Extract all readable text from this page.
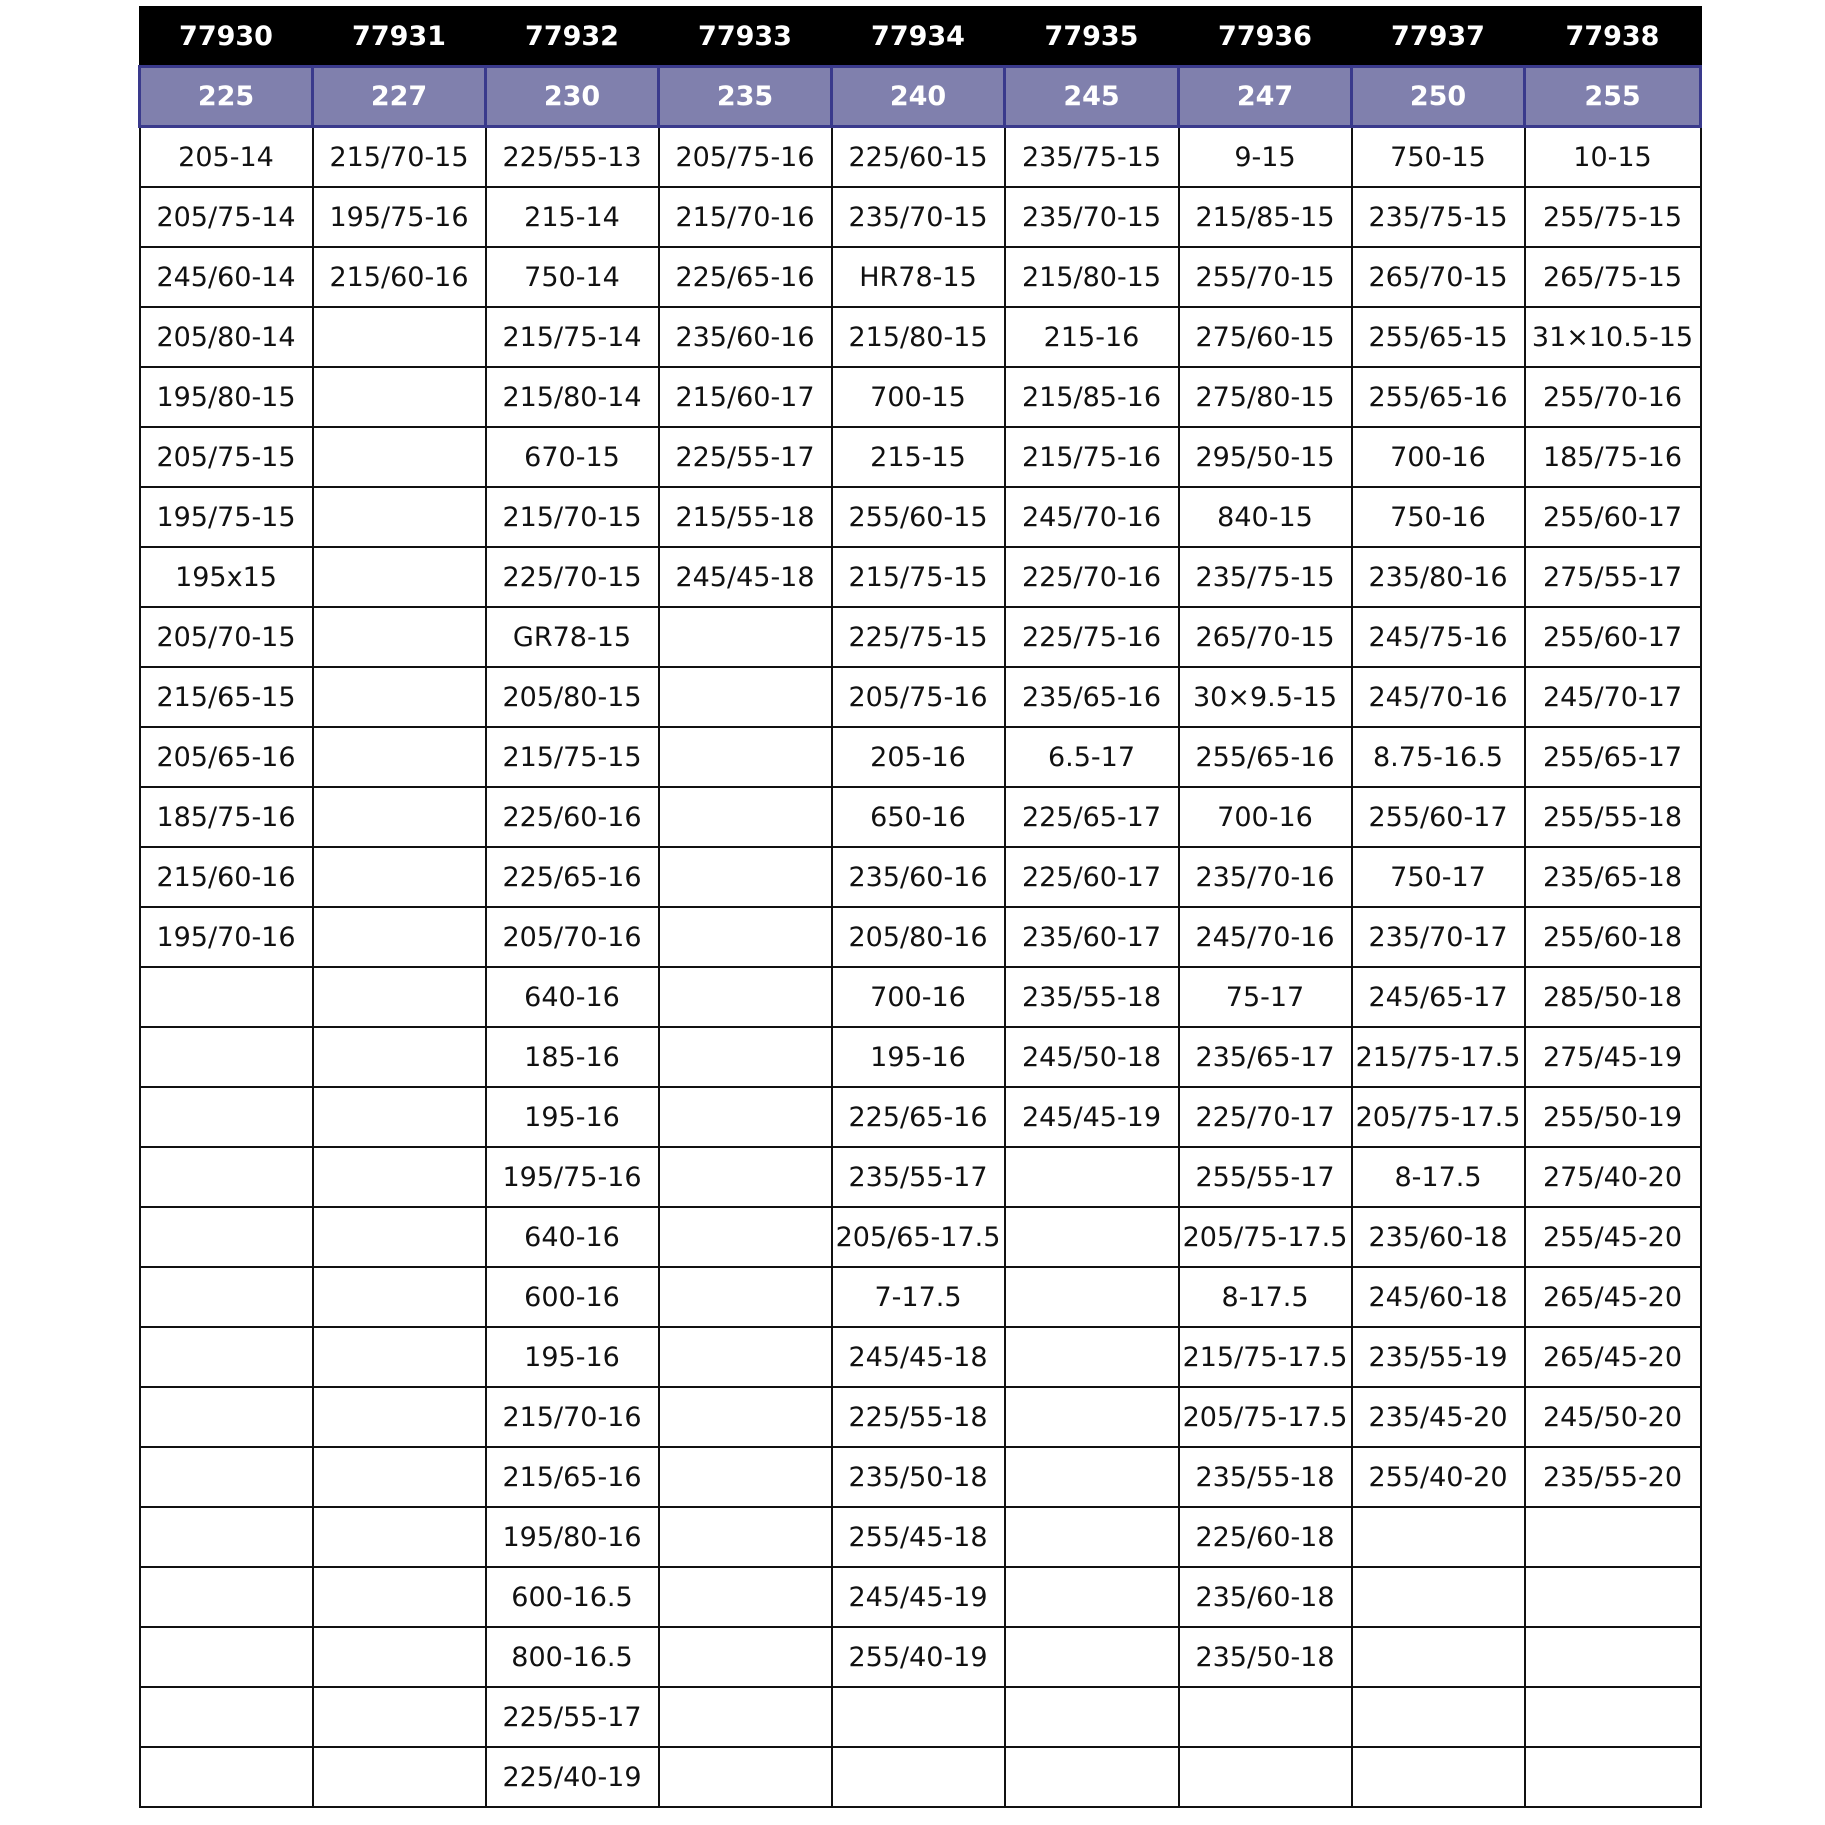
77930	77931	77932	77933	77934	77935	77936	77937	77938
225	227	230	235	240	245	247	250	255
205-14	215/70-15	225/55-13	205/75-16	225/60-15	235/75-15	9-15	750-15	10-15
205/75-14	195/75-16	215-14	215/70-16	235/70-15	235/70-15	215/85-15	235/75-15	255/75-15
245/60-14	215/60-16	750-14	225/65-16	HR78-15	215/80-15	255/70-15	265/70-15	265/75-15
205/80-14		215/75-14	235/60-16	215/80-15	215-16	275/60-15	255/65-15	31×10.5-15
195/80-15		215/80-14	215/60-17	700-15	215/85-16	275/80-15	255/65-16	255/70-16
205/75-15		670-15	225/55-17	215-15	215/75-16	295/50-15	700-16	185/75-16
195/75-15		215/70-15	215/55-18	255/60-15	245/70-16	840-15	750-16	255/60-17
195x15		225/70-15	245/45-18	215/75-15	225/70-16	235/75-15	235/80-16	275/55-17
205/70-15		GR78-15		225/75-15	225/75-16	265/70-15	245/75-16	255/60-17
215/65-15		205/80-15		205/75-16	235/65-16	30×9.5-15	245/70-16	245/70-17
205/65-16		215/75-15		205-16	6.5-17	255/65-16	8.75-16.5	255/65-17
185/75-16		225/60-16		650-16	225/65-17	700-16	255/60-17	255/55-18
215/60-16		225/65-16		235/60-16	225/60-17	235/70-16	750-17	235/65-18
195/70-16		205/70-16		205/80-16	235/60-17	245/70-16	235/70-17	255/60-18
		640-16		700-16	235/55-18	75-17	245/65-17	285/50-18
		185-16		195-16	245/50-18	235/65-17	215/75-17.5	275/45-19
		195-16		225/65-16	245/45-19	225/70-17	205/75-17.5	255/50-19
		195/75-16		235/55-17		255/55-17	8-17.5	275/40-20
		640-16		205/65-17.5		205/75-17.5	235/60-18	255/45-20
		600-16		7-17.5		8-17.5	245/60-18	265/45-20
		195-16		245/45-18		215/75-17.5	235/55-19	265/45-20
		215/70-16		225/55-18		205/75-17.5	235/45-20	245/50-20
		215/65-16		235/50-18		235/55-18	255/40-20	235/55-20
		195/80-16		255/45-18		225/60-18		
		600-16.5		245/45-19		235/60-18		
		800-16.5		255/40-19		235/50-18		
		225/55-17						
		225/40-19						
